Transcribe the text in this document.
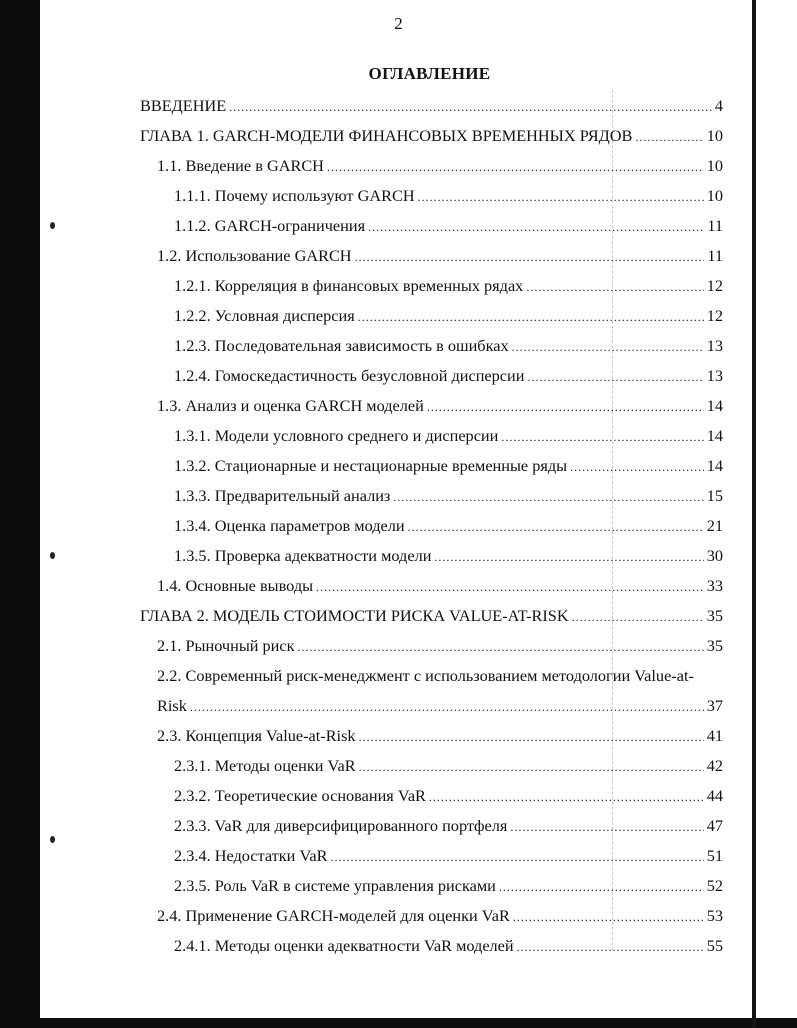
2
ОГЛАВЛЕНИЕ
ВВЕДЕНИЕ .....	4
ГЛАВА 1. GARCH-МОДЕЛИ ФИНАНСОВЫХ ВРЕМЕННЫХ РЯДОВ .....	10
1.1. Введение в GARCH .....	10
1.1.1. Почему используют GARCH .....	10
1.1.2. GARCH-ограничения .....	11
1.2. Использование GARCH .....	11
1.2.1. Корреляция в финансовых временных рядах .....	12
1.2.2. Условная дисперсия .....	12
1.2.3. Последовательная зависимость в ошибках .....	13
1.2.4. Гомоскедастичность безусловной дисперсии .....	13
1.3. Анализ и оценка GARCH моделей .....	14
1.3.1. Модели условного среднего и дисперсии .....	14
1.3.2. Стационарные и нестационарные временные ряды .....	14
1.3.3. Предварительный анализ .....	15
1.3.4. Оценка параметров модели .....	21
1.3.5. Проверка адекватности модели .....	30
1.4. Основные выводы .....	33
ГЛАВА 2. МОДЕЛЬ СТОИМОСТИ РИСКА VALUE-AT-RISK .....	35
2.1. Рыночный риск .....	35
2.2. Современный риск-менеджмент с использованием методологии Value-at-
Risk .....	37
2.3. Концепция Value-at-Risk .....	41
2.3.1. Методы оценки VaR .....	42
2.3.2. Теоретические основания VaR .....	44
2.3.3. VaR для диверсифицированного портфеля .....	47
2.3.4. Недостатки VaR .....	51
2.3.5. Роль VaR в системе управления рисками .....	52
2.4. Применение GARCH-моделей для оценки VaR .....	53
2.4.1. Методы оценки адекватности VaR моделей .....	55
